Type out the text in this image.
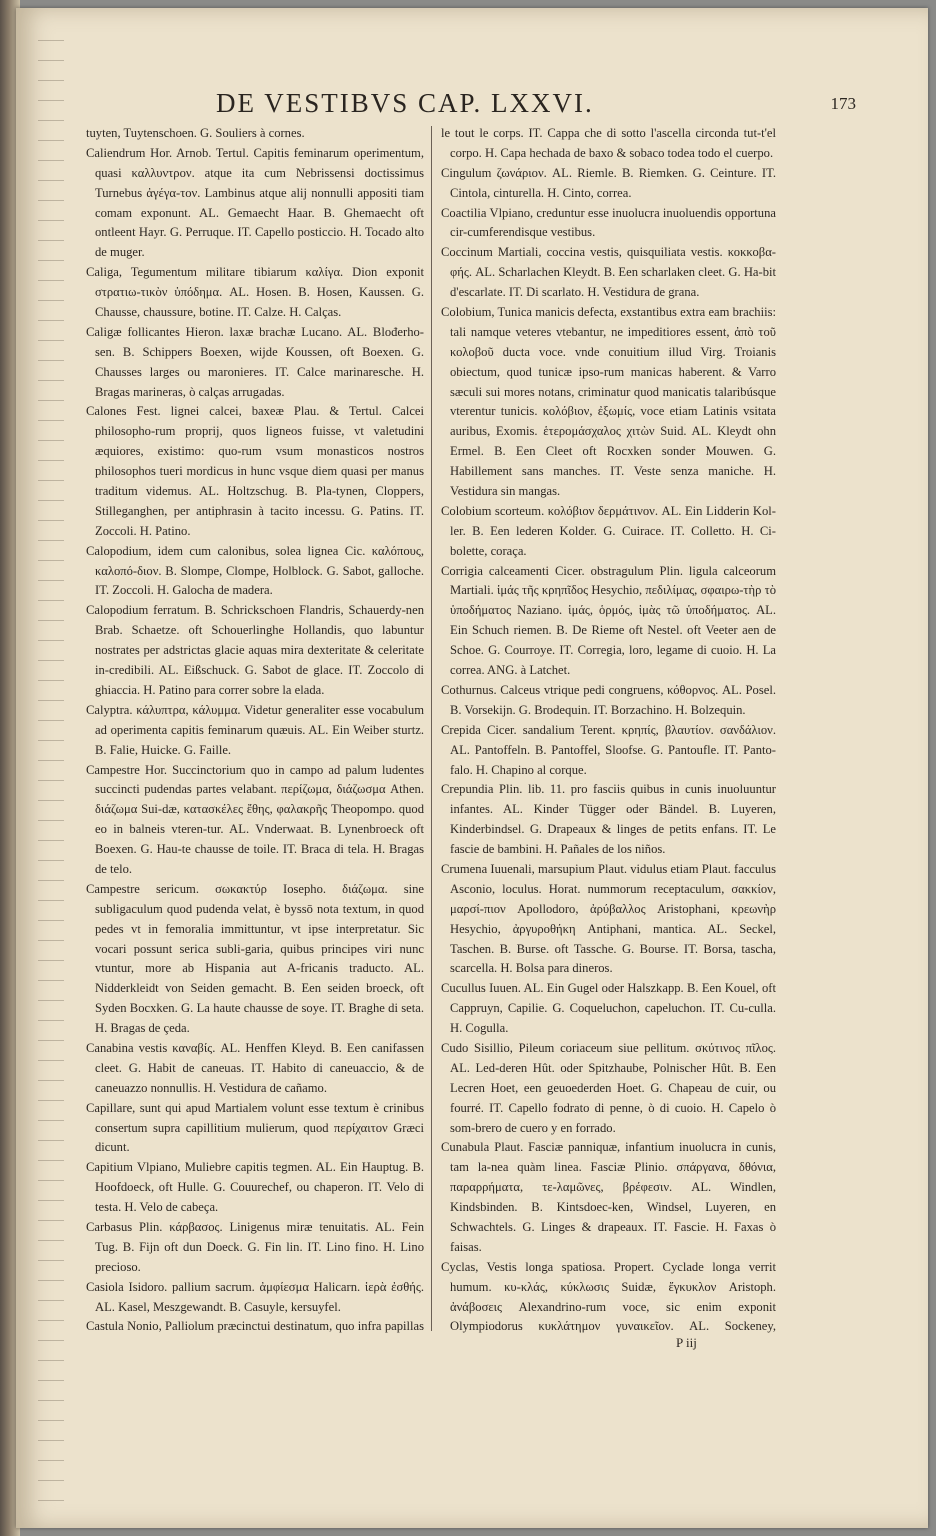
DE VESTIBVS CAP. LXXVI.	173

tuyten, Tuytenschoen. G. Souliers à cornes.

Caliendrum Hor. Arnob. Tertul. Capitis feminarum operimentum, quasi καλλυντρον. atque ita cum Nebrissensi doctissimus Turnebus ἀγέγα-τον. Lambinus atque alij nonnulli appositi tiam comam exponunt. AL. Gemaecht Haar. B. Ghemaecht oft ontleent Hayr. G. Perruque. IT. Capello posticcio. H. Tocado alto de muger.

Caliga, Tegumentum militare tibiarum καλίγα. Dion exponit στρατιω-τικὸν ὑπόδημα. AL. Hosen. B. Hosen, Kaussen. G. Chausse, chaussure, botine. IT. Calze. H. Calças.

Caligæ follicantes Hieron. laxæ brachæ Lucano. AL. Blođerho-sen. B. Schippers Boexen, wijde Koussen, oft Boexen. G. Chausses larges ou maronieres. IT. Calce marinaresche. H. Bragas marineras, ò calças arrugadas.

Calones Fest. lignei calcei, baxeæ Plau. & Tertul. Calcei philosopho-rum proprij, quos ligneos fuisse, vt valetudini æquiores, existimo: quo-rum vsum monasticos nostros philosophos tueri mordicus in hunc vsque diem quasi per manus traditum videmus. AL. Holtzschug. B. Pla-tynen, Cloppers, Stilleganghen, per antiphrasin à tacito incessu. G. Patins. IT. Zoccoli. H. Patino.

Calopodium, idem cum calonibus, solea lignea Cic. καλόπους, καλοπό-διον. B. Slompe, Clompe, Holblock. G. Sabot, galloche. IT. Zoccoli. H. Galocha de madera.

Calopodium ferratum. B. Schrickschoen Flandris, Schauerdy-nen Brab. Schaetze. oft Schouerlinghe Hollandis, quo labuntur nostrates per adstrictas glacie aquas mira dexteritate & celeritate in-credibili. AL. Eißschuck. G. Sabot de glace. IT. Zoccolo di ghiaccia. H. Patino para correr sobre la elada.

Calyptra. κάλυπτρα, κάλυμμα. Videtur generaliter esse vocabulum ad operimenta capitis feminarum quæuis. AL. Ein Weiber sturtz. B. Falie, Huicke. G. Faille.

Campestre Hor. Succinctorium quo in campo ad palum ludentes succincti pudendas partes velabant. περίζωμα, διάζωσμα Athen. διάζωμα Sui-dæ, κατασκέλες ἔθης, φαλακρῆς Theopompo. quod eo in balneis vteren-tur. AL. Vnderwaat. B. Lynenbroeck oft Boexen. G. Hau-te chausse de toile. IT. Braca di tela. H. Bragas de telo.

Campestre sericum. σωκακτύρ Iosepho. διάζωμα. sine subligaculum quod pudenda velat, è byssō nota textum, in quod pedes vt in femoralia immittuntur, vt ipse interpretatur. Sic vocari possunt serica subli-garia, quibus principes viri nunc vtuntur, more ab Hispania aut A-fricanis traducto. AL. Nidderkleidt von Seiden gemacht. B. Een seiden broeck, oft Syden Bocxken. G. La haute chausse de soye. IT. Braghe di seta. H. Bragas de çeda.

Canabina vestis καναβίς. AL. Henffen Kleyd. B. Een canifassen cleet. G. Habit de caneuas. IT. Habito di caneuaccio, & de caneuazzo nonnullis. H. Vestidura de cañamo.

Capillare, sunt qui apud Martialem volunt esse textum è crinibus consertum supra capillitium mulierum, quod περίχαιτον Græci dicunt.

Capitium Vlpiano, Muliebre capitis tegmen. AL. Ein Hauptug. B. Hoofdoeck, oft Hulle. G. Couurechef, ou chaperon. IT. Velo di testa. H. Velo de cabeça.

Carbasus Plin. κάρβασος. Linigenus miræ tenuitatis. AL. Fein Tug. B. Fijn oft dun Doeck. G. Fin lin. IT. Lino fino. H. Lino precioso.

Casiola Isidoro. pallium sacrum. ἀμφίεσμα Halicarn. ἱερὰ ἐσθής. AL. Kasel, Meszgewandt. B. Casuyle, kersuyfel.

Castula Nonio, Palliolum præcinctui destinatum, quo infra papillas

le tout le corps. IT. Cappa che di sotto l'ascella circonda tut-t'el corpo. H. Capa hechada de baxo & sobaco todea todo el cuerpo.

Cingulum ζωνάριον. AL. Riemle. B. Riemken. G. Ceinture. IT. Cintola, cinturella. H. Cinto, correa.

Coactilia Vlpiano, creduntur esse inuolucra inuoluendis opportuna cir-cumferendisque vestibus.

Coccinum Martiali, coccina vestis, quisquiliata vestis. κοκκοβα-φής. AL. Scharlachen Kleydt. B. Een scharlaken cleet. G. Ha-bit d'escarlate. IT. Di scarlato. H. Vestidura de grana.

Colobium, Tunica manicis defecta, exstantibus extra eam brachiis: tali namque veteres vtebantur, ne impeditiores essent, ἀπὸ τοῦ κολοβοῦ ducta voce. vnde conuitium illud Virg. Troianis obiectum, quod tunicæ ipso-rum manicas haberent. & Varro sæculi sui mores notans, criminatur quod manicatis talaribúsque vterentur tunicis. κολόβιον, ἐξωμίς, voce etiam Latinis vsitata auribus, Exomis. ἑτερομάσχαλος χιτὼν Suid. AL. Kleydt ohn Ermel. B. Een Cleet oft Rocxken sonder Mouwen. G. Habillement sans manches. IT. Veste senza maniche. H. Vestidura sin mangas.

Colobium scorteum. κολόβιον δερμάτινον. AL. Ein Lidderin Kol-ler. B. Een lederen Kolder. G. Cuirace. IT. Colletto. H. Ci-bolette, coraça.

Corrigia calceamenti Cicer. obstragulum Plin. ligula calceorum Martiali. ἱμάς τῆς κρηπῖδος Hesychio, πεδιλίμας, σφαιρω-τὴρ τὸ ὑποδήματος Naziano. ἱμάς, ὁρμός, ἱμὰς τῶ ὑποδήματος. AL. Ein Schuch riemen. B. De Rieme oft Nestel. oft Veeter aen de Schoe. G. Courroye. IT. Corregia, loro, legame di cuoio. H. La correa. ANG. à Latchet.

Cothurnus. Calceus vtrique pedi congruens, κόθορνος. AL. Posel. B. Vorsekijn. G. Brodequin. IT. Borzachino. H. Bolzequin.

Crepida Cicer. sandalium Terent. κρηπίς, βλαυτίον. σανδάλιον. AL. Pantoffeln. B. Pantoffel, Sloofse. G. Pantoufle. IT. Panto-falo. H. Chapino al corque.

Crepundia Plin. lib. 11. pro fasciis quibus in cunis inuoluuntur infantes. AL. Kinder Tügger oder Bändel. B. Luyeren, Kinderbindsel. G. Drapeaux & linges de petits enfans. IT. Le fascie de bambini. H. Pañales de los niños.

Crumena Iuuenali, marsupium Plaut. vidulus etiam Plaut. facculus Asconio, loculus. Horat. nummorum receptaculum, σακκίον, μαρσί-πιον Apollodoro, ἀρύβαλλος Aristophani, κρεωνὴρ Hesychio, ἀργυροθήκη Antiphani, mantica. AL. Seckel, Taschen. B. Burse. oft Tassche. G. Bourse. IT. Borsa, tascha, scarcella. H. Bolsa para dineros.

Cucullus Iuuen. AL. Ein Gugel oder Halszkapp. B. Een Kouel, oft Cappruyn, Capilie. G. Coqueluchon, capeluchon. IT. Cu-culla. H. Cogulla.

Cudo Sisillio, Pileum coriaceum siue pellitum. σκύτινος πῖλος. AL. Led-deren Hût. oder Spitzhaube, Polnischer Hût. B. Een Lecren Hoet, een geuoederden Hoet. G. Chapeau de cuir, ou fourré. IT. Capello fodrato di penne, ò di cuoio. H. Capelo ò som-brero de cuero y en forrado.

Cunabula Plaut. Fasciæ panniquæ, infantium inuolucra in cunis, tam la-nea quàm linea. Fasciæ Plinio. σπάργανα, δθόνια, παραρρήματα, τε-λαμῶνες, βρέφεσιν. AL. Windlen, Kindsbinden. B. Kintsdoec-ken, Windsel, Luyeren, en Schwachtels. G. Linges & drapeaux. IT. Fascie. H. Faxas ò faisas.

Cyclas, Vestis longa spatiosa. Propert. Cyclade longa verrit humum. κυ-κλάς, κύκλωσις Suidæ, ἔγκυκλον Aristoph. ἀνάβοσεις Alexandrino-rum voce, sic enim exponit Olympiodorus κυκλάτημον γυναικεῖον. AL. Sockeney,

P iij
